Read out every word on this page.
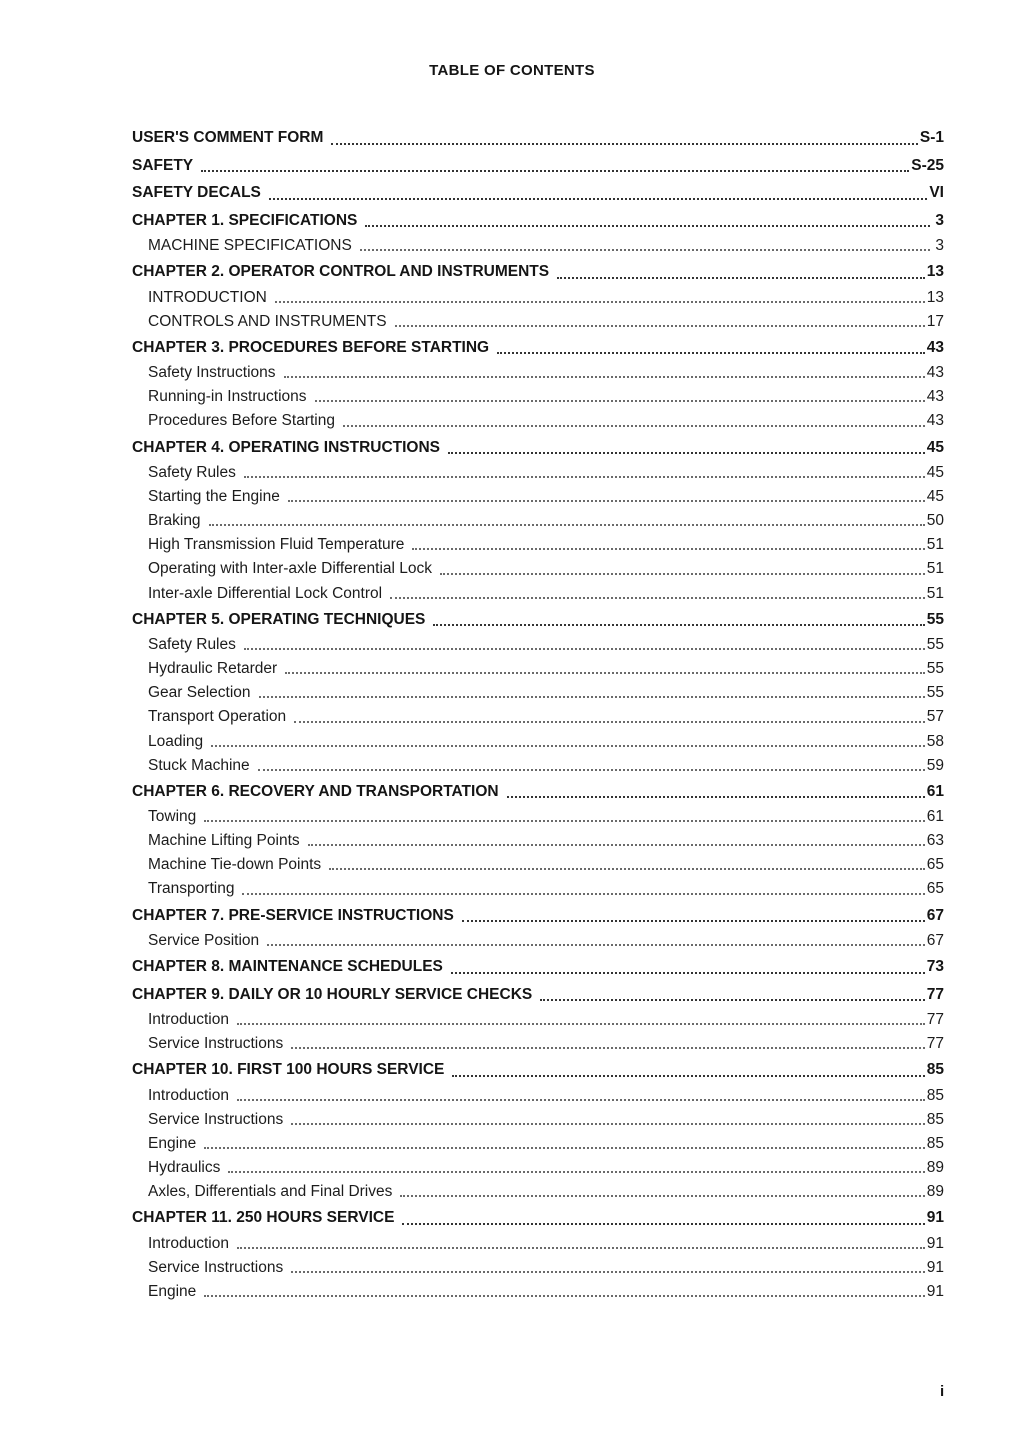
TABLE OF CONTENTS
USER'S COMMENT FORM	S-1
SAFETY	S-25
SAFETY DECALS	VI
CHAPTER 1. SPECIFICATIONS	3
MACHINE SPECIFICATIONS	3
CHAPTER 2. OPERATOR CONTROL AND INSTRUMENTS	13
INTRODUCTION	13
CONTROLS AND INSTRUMENTS	17
CHAPTER 3. PROCEDURES BEFORE STARTING	43
Safety Instructions	43
Running-in Instructions	43
Procedures Before Starting	43
CHAPTER 4. OPERATING INSTRUCTIONS	45
Safety Rules	45
Starting the Engine	45
Braking	50
High Transmission Fluid Temperature	51
Operating with Inter-axle Differential Lock	51
Inter-axle Differential Lock Control	51
CHAPTER 5. OPERATING TECHNIQUES	55
Safety Rules	55
Hydraulic Retarder	55
Gear Selection	55
Transport Operation	57
Loading	58
Stuck Machine	59
CHAPTER 6. RECOVERY AND TRANSPORTATION	61
Towing	61
Machine Lifting Points	63
Machine Tie-down Points	65
Transporting	65
CHAPTER 7. PRE-SERVICE INSTRUCTIONS	67
Service Position	67
CHAPTER 8. MAINTENANCE SCHEDULES	73
CHAPTER 9. DAILY OR 10 HOURLY SERVICE CHECKS	77
Introduction	77
Service Instructions	77
CHAPTER 10. FIRST 100 HOURS SERVICE	85
Introduction	85
Service Instructions	85
Engine	85
Hydraulics	89
Axles, Differentials and Final Drives	89
CHAPTER 11. 250 HOURS SERVICE	91
Introduction	91
Service Instructions	91
Engine	91
i
